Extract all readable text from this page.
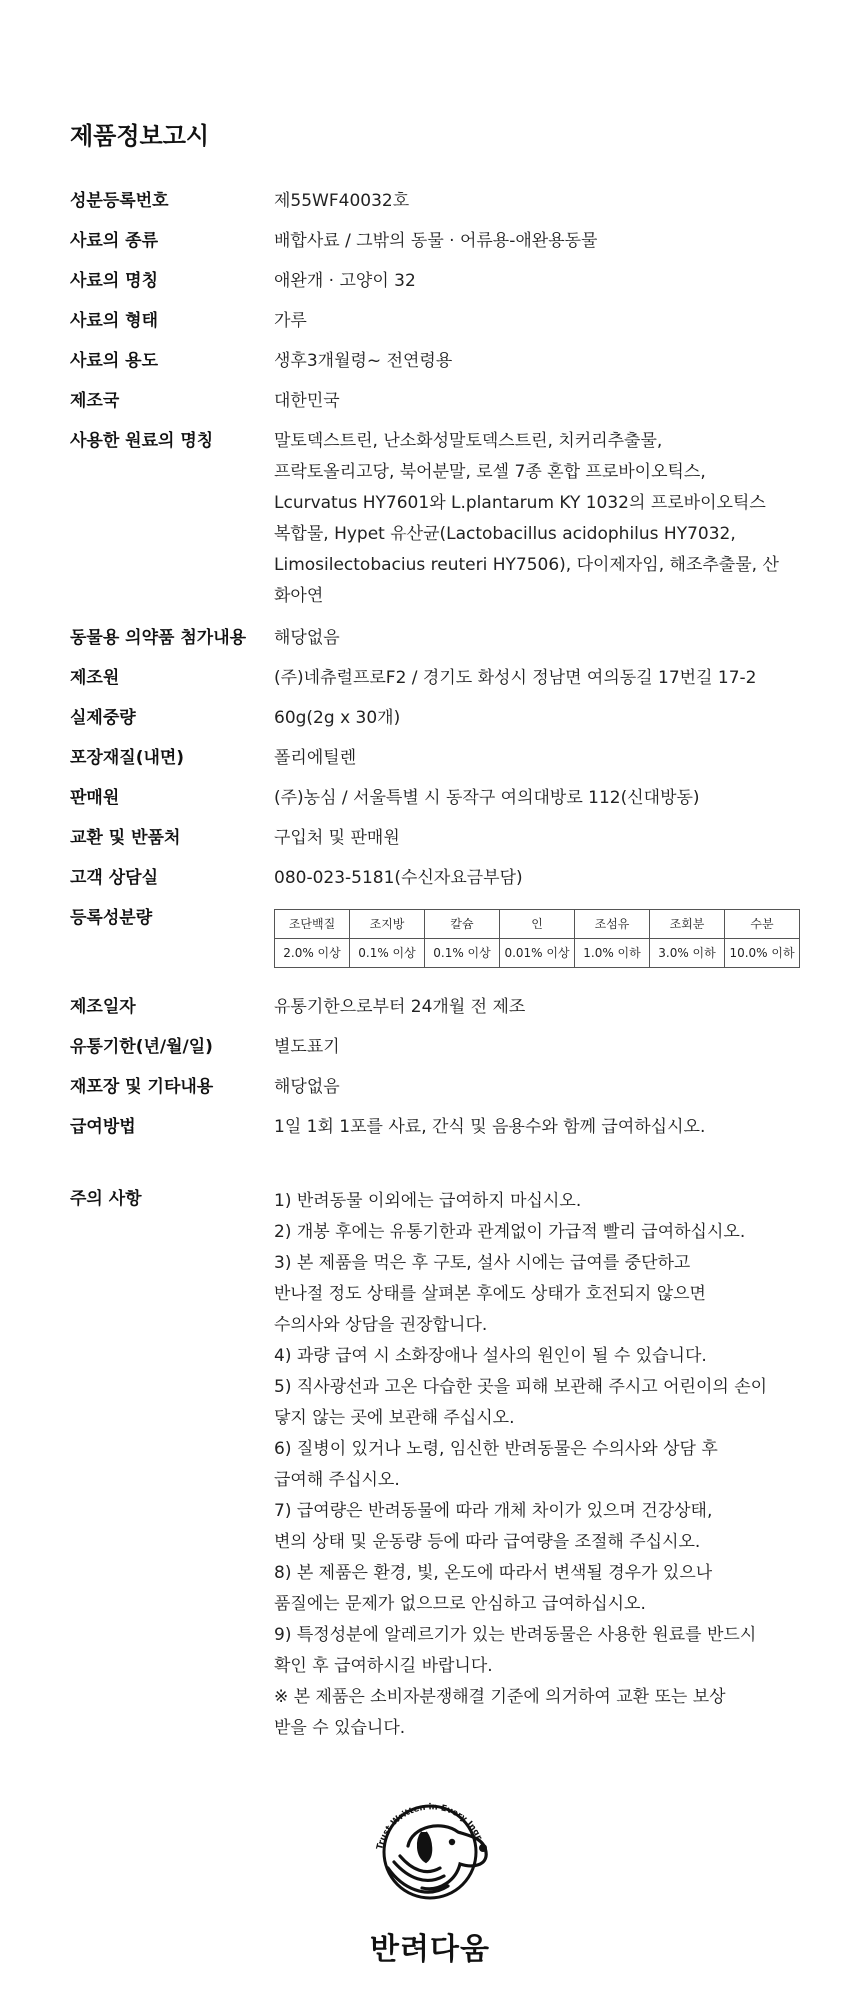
제품정보고시
성분등록번호	제55WF40032호
사료의 종류	배합사료 / 그밖의 동물 · 어류용-애완용동물
사료의 명칭	애완개 · 고양이 32
사료의 형태	가루
사료의 용도	생후3개월령~ 전연령용
제조국	대한민국
사용한 원료의 명칭	말토덱스트린, 난소화성말토덱스트린, 치커리추출물,
프락토올리고당, 북어분말, 로셀 7종 혼합 프로바이오틱스,
Lcurvatus HY7601와 L.plantarum KY 1032의 프로바이오틱스
복합물, Hypet 유산균(Lactobacillus acidophilus HY7032,
Limosilectobacius reuteri HY7506), 다이제자임, 해조추출물, 산
화아연
동물용 의약품 첨가내용	해당없음
제조원	(주)네츄럴프로F2 / 경기도 화성시 정남면 여의동길 17번길 17-2
실제중량	60g(2g x 30개)
포장재질(내면)	폴리에틸렌
판매원	(주)농심 / 서울특별 시 동작구 여의대방로 112(신대방동)
교환 및 반품처	구입처 및 판매원
고객 상담실	080-023-5181(수신자요금부담)
등록성분량	조단백질	조지방	칼슘	인	조섬유	조회분	수분
2.0% 이상	0.1% 이상	0.1% 이상	0.01% 이상	1.0% 이하	3.0% 이하	10.0% 이하
제조일자	유통기한으로부터 24개월 전 제조
유통기한(년/월/일)	별도표기
재포장 및 기타내용	해당없음
급여방법	1일 1회 1포를 사료, 간식 및 음용수와 함께 급여하십시오.
주의 사항	1) 반려동물 이외에는 급여하지 마십시오.
2) 개봉 후에는 유통기한과 관계없이 가급적 빨리 급여하십시오.
3) 본 제품을 먹은 후 구토, 설사 시에는 급여를 중단하고
반나절 정도 상태를 살펴본 후에도 상태가 호전되지 않으면
수의사와 상담을 권장합니다.
4) 과량 급여 시 소화장애나 설사의 원인이 될 수 있습니다.
5) 직사광선과 고온 다습한 곳을 피해 보관해 주시고 어린이의 손이
닿지 않는 곳에 보관해 주십시오.
6) 질병이 있거나 노령, 임신한 반려동물은 수의사와 상담 후
급여해 주십시오.
7) 급여량은 반려동물에 따라 개체 차이가 있으며 건강상태,
변의 상태 및 운동량 등에 따라 급여량을 조절해 주십시오.
8) 본 제품은 환경, 빛, 온도에 따라서 변색될 경우가 있으나
품질에는 문제가 없으므로 안심하고 급여하십시오.
9) 특정성분에 알레르기가 있는 반려동물은 사용한 원료를 반드시
확인 후 급여하시길 바랍니다.
※ 본 제품은 소비자분쟁해결 기준에 의거하여 교환 또는 보상
받을 수 있습니다.
Trust Written in Every Ingr
반려다움
